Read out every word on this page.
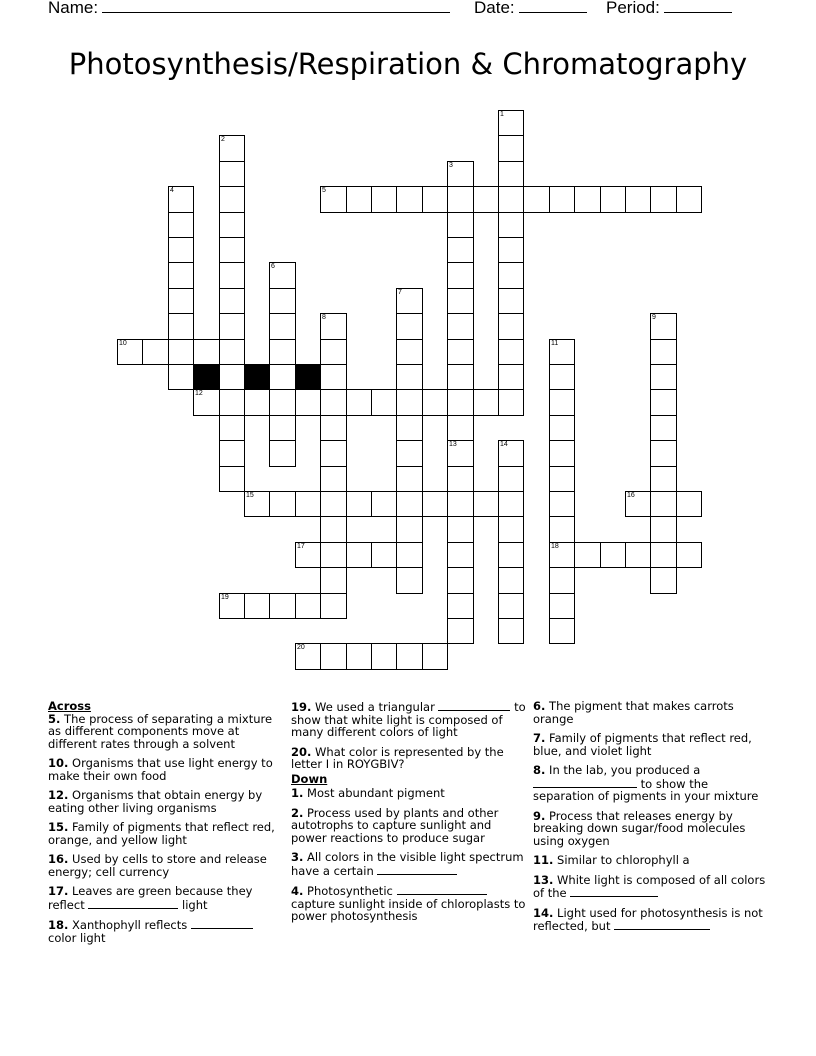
Name:	Date:	Period:
Photosynthesis/Respiration & Chromatography
1
2
3
13
4	5
6
7
8	9
10	11
18
12
14
15	16
17
19
20

Across

5. The process of separating a mixture as different components move at different rates through a solvent
10. Organisms that use light energy to make their own food
12. Organisms that obtain energy by eating other living organisms
15. Family of pigments that reflect red, orange, and yellow light
16. Used by cells to store and release energy; cell currency
17. Leaves are green because they reflect	light
18. Xanthophyll reflects  color light
19. We used a triangular	to show that white light is composed of many different colors of light
20. What color is represented by the letter I in ROYGBIV?

Down

1. Most abundant pigment
2. Process used by plants and other autotrophs to capture sunlight and power reactions to produce sugar
3. All colors in the visible light spectrum have a certain
4. Photosynthetic  capture sunlight inside of chloroplasts to power photosynthesis
6. The pigment that makes carrots orange
7. Family of pigments that reflect red, blue, and violet light
8. In the lab, you produced a  to show the separation of pigments in your mixture
9. Process that releases energy by breaking down sugar/food molecules using oxygen
11. Similar to chlorophyll a
13. White light is composed of all colors of the
14. Light used for photosynthesis is not reflected, but
